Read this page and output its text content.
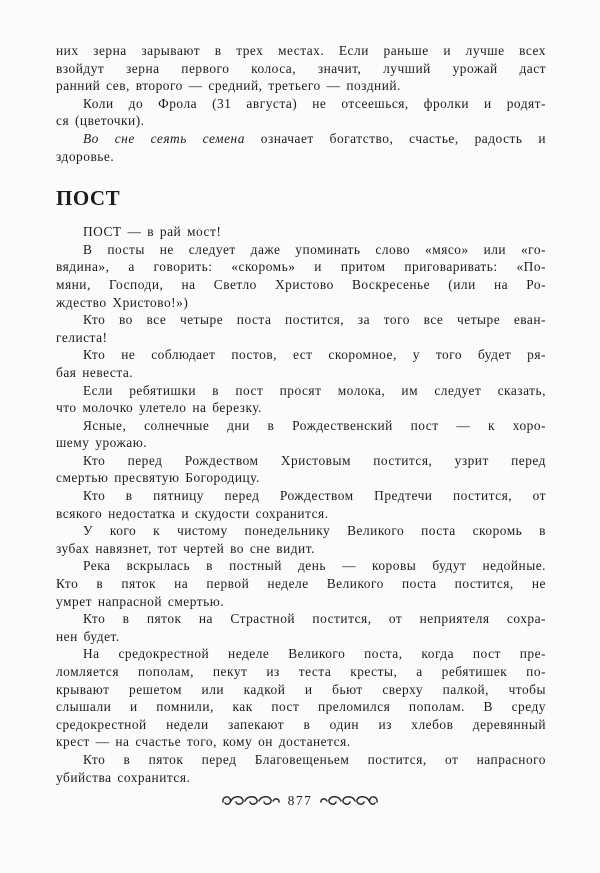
них зерна зарывают в трех местах. Если раньше и лучше всех
взойдут зерна первого колоса, значит, лучший урожай даст
ранний сев, второго — средний, третьего — поздний.

Коли до Фрола (31 августа) не отсеешься, фролки и родят-
ся (цветочки).

Во сне сеять семена означает богатство, счастье, радость и
здоровье.

ПОСТ

ПОСТ — в рай мост!

В посты не следует даже упоминать слово «мясо» или «го-
вядина», а говорить: «скоромь» и притом приговаривать: «По-
мяни, Господи, на Светло Христово Воскресенье (или на Ро-
ждество Христово!»)

Кто во все четыре поста постится, за того все четыре еван-
гелиста!

Кто не соблюдает постов, ест скоромное, у того будет ря-
бая невеста.

Если ребятишки в пост просят молока, им следует сказать,
что молочко улетело на березку.

Ясные, солнечные дни в Рождественский пост — к хоро-
шему урожаю.

Кто перед Рождеством Христовым постится, узрит перед
смертью пресвятую Богородицу.

Кто в пятницу перед Рождеством Предтечи постится, от
всякого недостатка и скудости сохранится.

У кого к чистому понедельнику Великого поста скоромь в
зубах навязнет, тот чертей во сне видит.

Река вскрылась в постный день — коровы будут недойные.
Кто в пяток на первой неделе Великого поста постится, не
умрет напрасной смертью.

Кто в пяток на Страстной постится, от неприятеля сохра-
нен будет.

На средокрестной неделе Великого поста, когда пост пре-
ломляется пополам, пекут из теста кресты, а ребятишек по-
крывают решетом или кадкой и бьют сверху палкой, чтобы
слышали и помнили, как пост преломился пополам. В среду
средокрестной недели запекают в один из хлебов деревянный
крест — на счастье того, кому он достанется.

Кто в пяток перед Благовещеньем постится, от напрасного
убийства сохранится.

877
